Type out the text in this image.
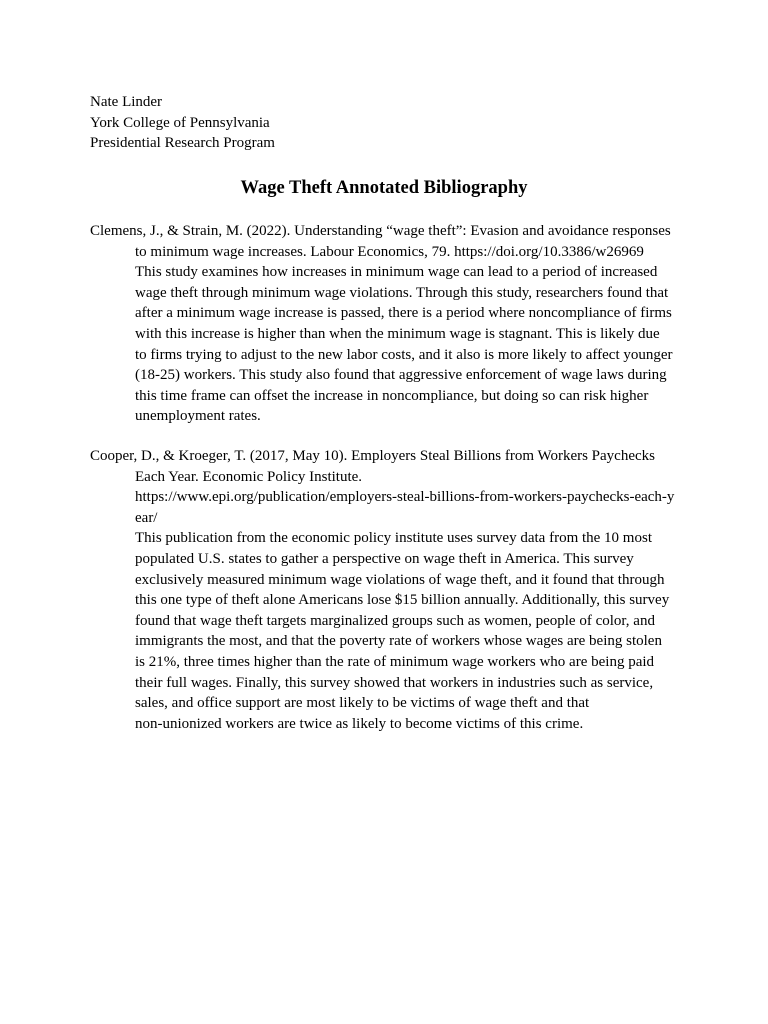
Nate Linder
York College of Pennsylvania
Presidential Research Program
Wage Theft Annotated Bibliography
Clemens, J., & Strain, M. (2022). Understanding “wage theft”: Evasion and avoidance responses
to minimum wage increases. Labour Economics, 79. https://doi.org/10.3386/w26969
This study examines how increases in minimum wage can lead to a period of increased
wage theft through minimum wage violations. Through this study, researchers found that
after a minimum wage increase is passed, there is a period where noncompliance of firms
with this increase is higher than when the minimum wage is stagnant. This is likely due
to firms trying to adjust to the new labor costs, and it also is more likely to affect younger
(18-25) workers. This study also found that aggressive enforcement of wage laws during
this time frame can offset the increase in noncompliance, but doing so can risk higher
unemployment rates.
Cooper, D., & Kroeger, T. (2017, May 10). Employers Steal Billions from Workers Paychecks
Each Year. Economic Policy Institute.
https://www.epi.org/publication/employers-steal-billions-from-workers-paychecks-each-y
ear/
This publication from the economic policy institute uses survey data from the 10 most
populated U.S. states to gather a perspective on wage theft in America. This survey
exclusively measured minimum wage violations of wage theft, and it found that through
this one type of theft alone Americans lose $15 billion annually. Additionally, this survey
found that wage theft targets marginalized groups such as women, people of color, and
immigrants the most, and that the poverty rate of workers whose wages are being stolen
is 21%, three times higher than the rate of minimum wage workers who are being paid
their full wages. Finally, this survey showed that workers in industries such as service,
sales, and office support are most likely to be victims of wage theft and that
non-unionized workers are twice as likely to become victims of this crime.
